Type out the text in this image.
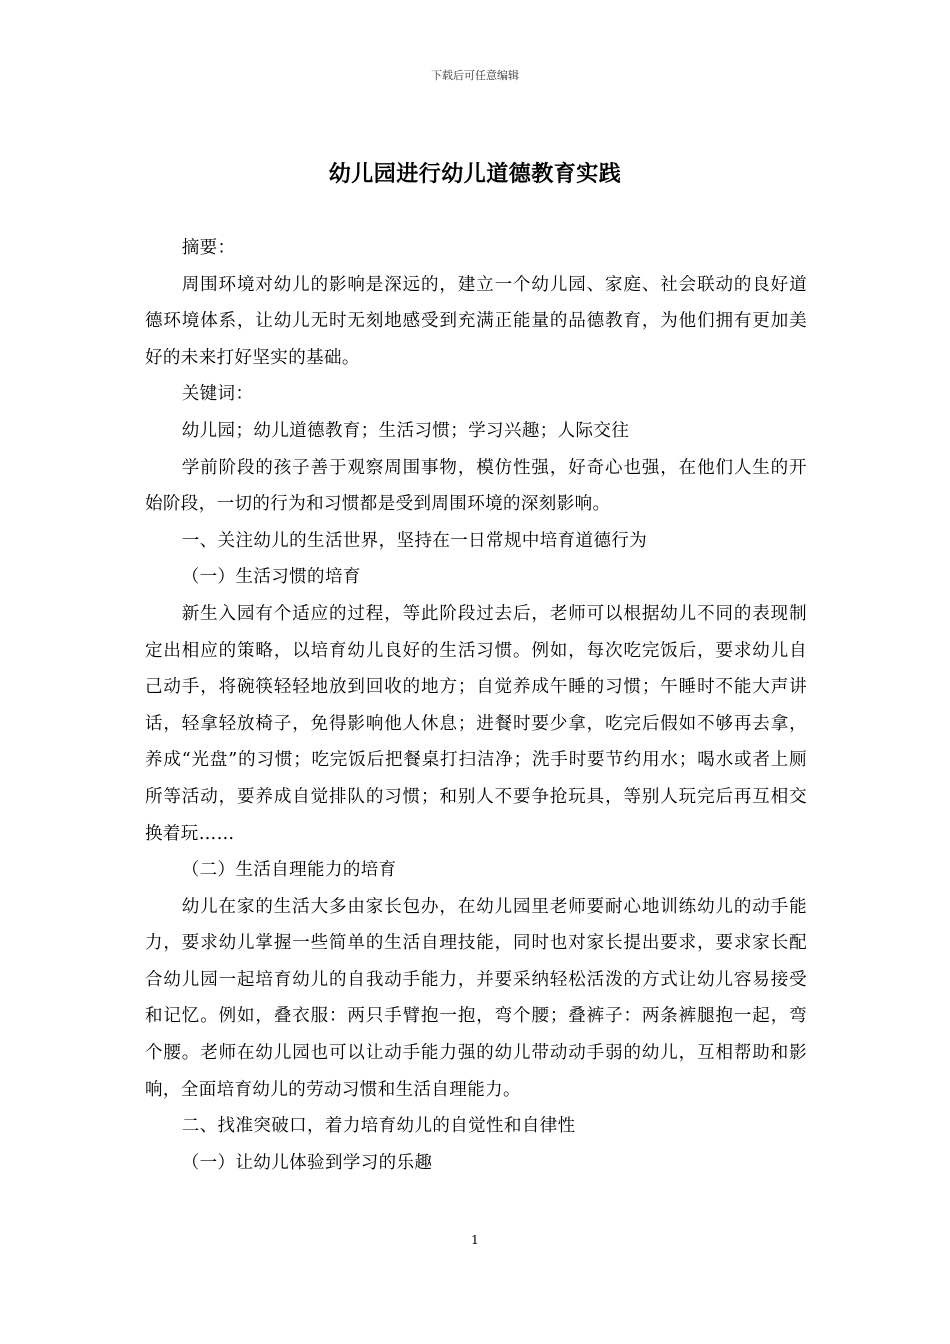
下载后可任意编辑
幼儿园进行幼儿道德教育实践

摘要：

周围环境对幼儿的影响是深远的，建立一个幼儿园、家庭、社会联动的良好道德环境体系，让幼儿无时无刻地感受到充满正能量的品德教育，为他们拥有更加美好的未来打好坚实的基础。

关键词：

幼儿园；幼儿道德教育；生活习惯；学习兴趣；人际交往

学前阶段的孩子善于观察周围事物，模仿性强，好奇心也强，在他们人生的开始阶段，一切的行为和习惯都是受到周围环境的深刻影响。

一、关注幼儿的生活世界，坚持在一日常规中培育道德行为

（一）生活习惯的培育

新生入园有个适应的过程，等此阶段过去后，老师可以根据幼儿不同的表现制定出相应的策略，以培育幼儿良好的生活习惯。例如，每次吃完饭后，要求幼儿自己动手，将碗筷轻轻地放到回收的地方；自觉养成午睡的习惯；午睡时不能大声讲话，轻拿轻放椅子，免得影响他人休息；进餐时要少拿，吃完后假如不够再去拿，养成“光盘”的习惯；吃完饭后把餐桌打扫洁净；洗手时要节约用水；喝水或者上厕所等活动，要养成自觉排队的习惯；和别人不要争抢玩具，等别人玩完后再互相交换着玩……

（二）生活自理能力的培育

幼儿在家的生活大多由家长包办，在幼儿园里老师要耐心地训练幼儿的动手能力，要求幼儿掌握一些简单的生活自理技能，同时也对家长提出要求，要求家长配合幼儿园一起培育幼儿的自我动手能力，并要采纳轻松活泼的方式让幼儿容易接受和记忆。例如，叠衣服：两只手臂抱一抱，弯个腰；叠裤子：两条裤腿抱一起，弯个腰。老师在幼儿园也可以让动手能力强的幼儿带动动手弱的幼儿，互相帮助和影响，全面培育幼儿的劳动习惯和生活自理能力。

二、找准突破口，着力培育幼儿的自觉性和自律性

（一）让幼儿体验到学习的乐趣

1
